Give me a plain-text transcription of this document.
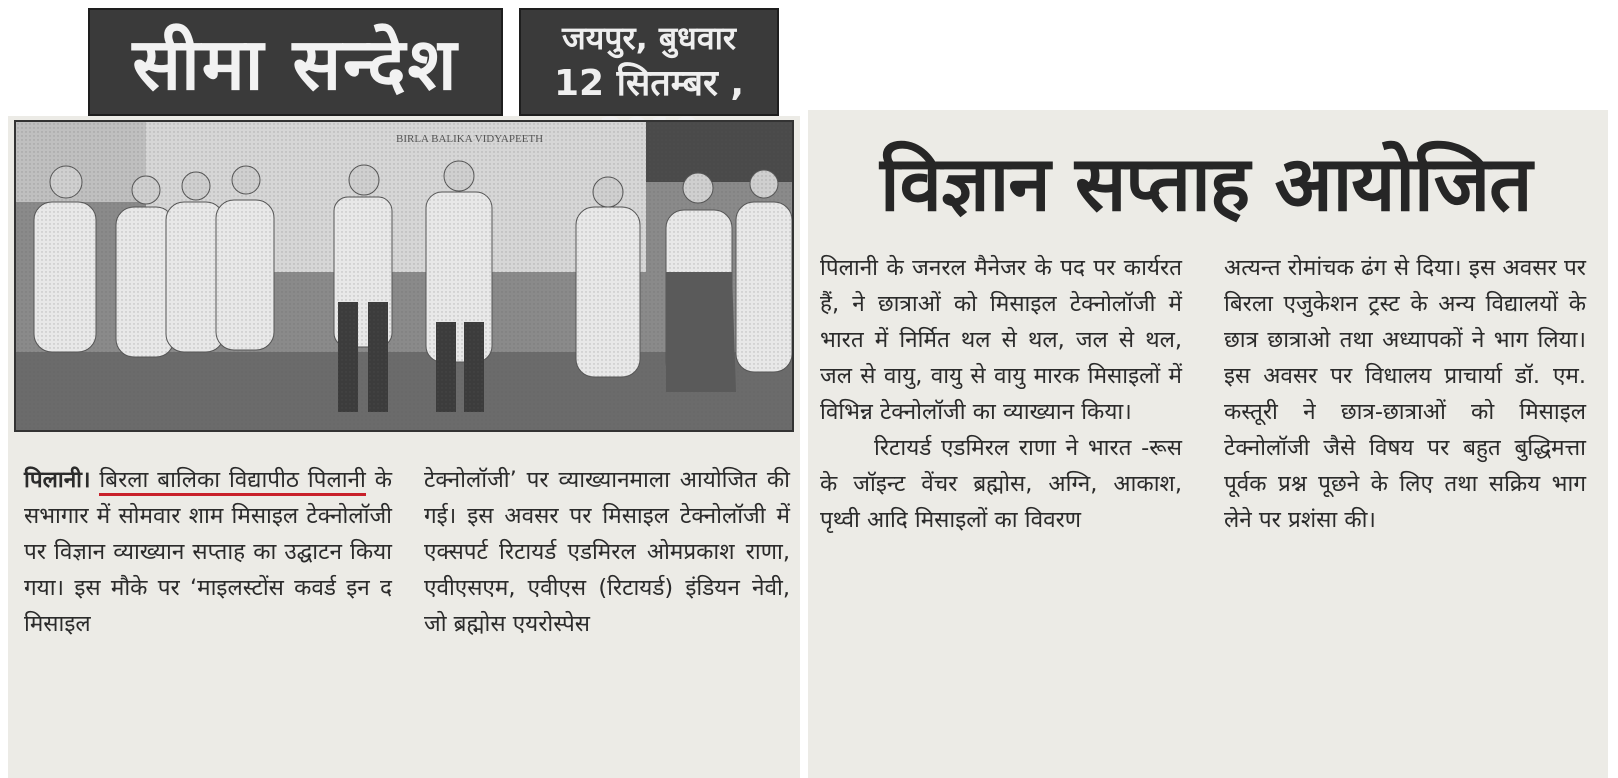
सीमा सन्देश	जयपुर, बुधवार
12 सितम्बर ,
विज्ञान सप्ताह आयोजित
पिलानी। बिरला बालिका विद्यापीठ पिलानी के सभागार में सोमवार शाम मिसाइल टेक्नोलॉजी पर विज्ञान व्याख्यान सप्ताह का उद्घाटन किया गया। इस मौके पर ‘माइलस्टोंस कवर्ड इन द मिसाइल
टेक्नोलॉजी’ पर व्याख्यानमाला आयोजित की गई। इस अवसर पर मिसाइल टेक्नोलॉजी में एक्सपर्ट रिटायर्ड एडमिरल ओमप्रकाश राणा, एवीएसएम, एवीएस (रिटायर्ड) इंडियन नेवी, जो ब्रह्मोस एयरोस्पेस
पिलानी के जनरल मैनेजर के पद पर कार्यरत हैं, ने छात्राओं को मिसाइल टेक्नोलॉजी में भारत में निर्मित थल से थल, जल से थल, जल से वायु, वायु से वायु मारक मिसाइलों में विभिन्न टेक्नोलॉजी का व्याख्यान किया।
रिटायर्ड एडमिरल राणा ने भारत -रूस के जॉइन्ट वेंचर ब्रह्मोस, अग्नि, आकाश, पृथ्वी आदि मिसाइलों का विवरण
अत्यन्त रोमांचक ढंग से दिया। इस अवसर पर बिरला एजुकेशन ट्रस्ट के अन्य विद्यालयों के छात्र छात्राओ तथा अध्यापकों ने भाग लिया। इस अवसर पर विधालय प्राचार्या डॉ. एम. कस्तूरी ने छात्र-छात्राओं को मिसाइल टेक्नोलॉजी जैसे विषय पर बहुत बुद्धिमत्ता पूर्वक प्रश्न पूछने के लिए तथा सक्रिय भाग लेने पर प्रशंसा की।
